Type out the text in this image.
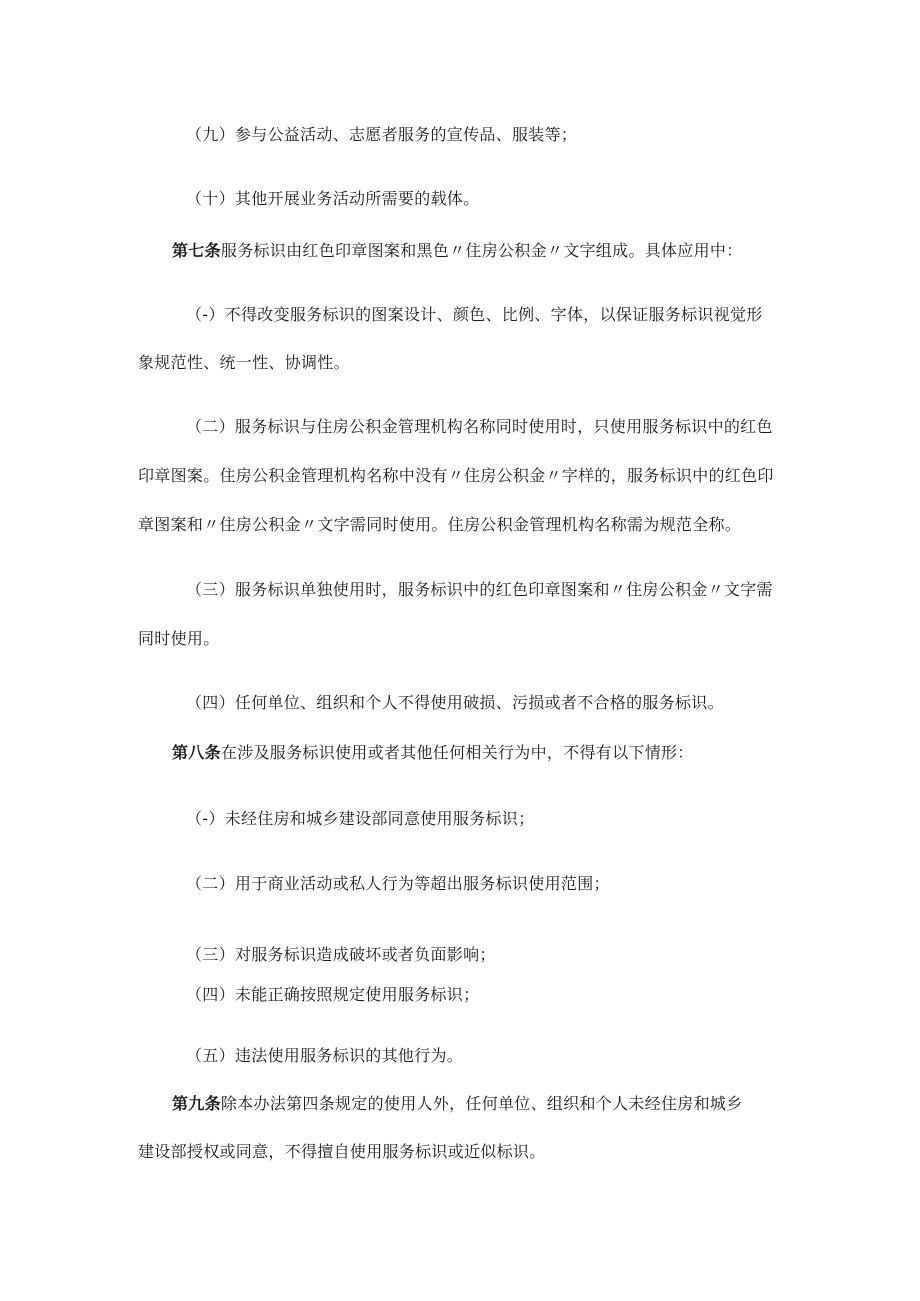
（九）参与公益活动、志愿者服务的宣传品、服装等；
（十）其他开展业务活动所需要的载体。
第七条服务标识由红色印章图案和黑色〃住房公积金〃文字组成。具体应用中：
（-）不得改变服务标识的图案设计、颜色、比例、字体，以保证服务标识视觉形
象规范性、统一性、协调性。
（二）服务标识与住房公积金管理机构名称同时使用时，只使用服务标识中的红色
印章图案。住房公积金管理机构名称中没有〃住房公积金〃字样的，服务标识中的红色印
章图案和〃住房公积金〃文字需同时使用。住房公积金管理机构名称需为规范全称。
（三）服务标识单独使用时，服务标识中的红色印章图案和〃住房公积金〃文字需
同时使用。
（四）任何单位、组织和个人不得使用破损、污损或者不合格的服务标识。
第八条在涉及服务标识使用或者其他任何相关行为中，不得有以下情形：
（-）未经住房和城乡建设部同意使用服务标识；
（二）用于商业活动或私人行为等超出服务标识使用范围；
（三）对服务标识造成破坏或者负面影响；
（四）未能正确按照规定使用服务标识；
（五）违法使用服务标识的其他行为。
第九条除本办法第四条规定的使用人外，任何单位、组织和个人未经住房和城乡
建设部授权或同意，不得擅自使用服务标识或近似标识。
